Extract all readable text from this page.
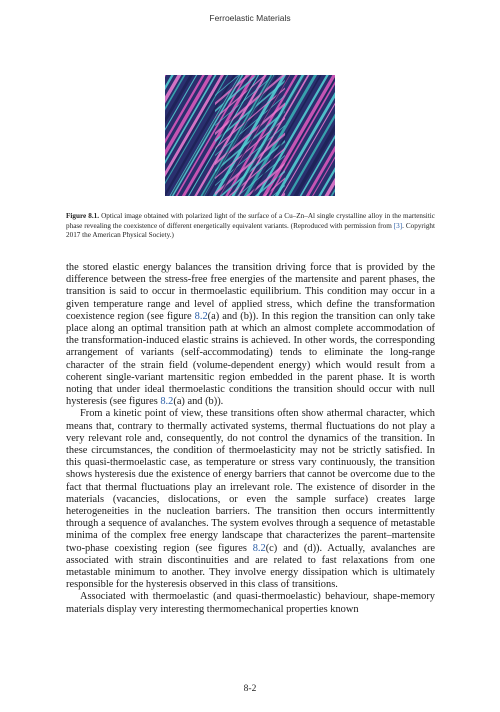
Ferroelastic Materials
Figure 8.1. Optical image obtained with polarized light of the surface of a Cu–Zn–Al single crystalline alloy in the martensitic phase revealing the coexistence of different energetically equivalent variants. (Reproduced with permission from [3]. Copyright 2017 the American Physical Society.)

the stored elastic energy balances the transition driving force that is provided by the difference between the stress-free free energies of the martensite and parent phases, the transition is said to occur in thermoelastic equilibrium. This condition may occur in a given temperature range and level of applied stress, which define the transformation coexistence region (see figure 8.2(a) and (b)). In this region the transition can only take place along an optimal transition path at which an almost complete accommodation of the transformation-induced elastic strains is achieved. In other words, the corresponding arrangement of variants (self-accommodating) tends to eliminate the long-range character of the strain field (volume-dependent energy) which would result from a coherent single-variant martensitic region embedded in the parent phase. It is worth noting that under ideal thermoelastic conditions the transition should occur with null hysteresis (see figures 8.2(a) and (b)).

From a kinetic point of view, these transitions often show athermal character, which means that, contrary to thermally activated systems, thermal fluctuations do not play a very relevant role and, consequently, do not control the dynamics of the transition. In these circumstances, the condition of thermoelasticity may not be strictly satisfied. In this quasi-thermoelastic case, as temperature or stress vary continuously, the transition shows hysteresis due the existence of energy barriers that cannot be overcome due to the fact that thermal fluctuations play an irrelevant role. The existence of disorder in the materials (vacancies, dislocations, or even the sample surface) creates large heterogeneities in the nucleation barriers. The transition then occurs intermittently through a sequence of avalanches. The system evolves through a sequence of metastable minima of the complex free energy landscape that characterizes the parent–martensite two-phase coexisting region (see figures 8.2(c) and (d)). Actually, avalanches are associated with strain discontinuities and are related to fast relaxations from one metastable minimum to another. They involve energy dissipation which is ultimately responsible for the hysteresis observed in this class of transitions.

Associated with thermoelastic (and quasi-thermoelastic) behaviour, shape-memory materials display very interesting thermomechanical properties known

8-2
